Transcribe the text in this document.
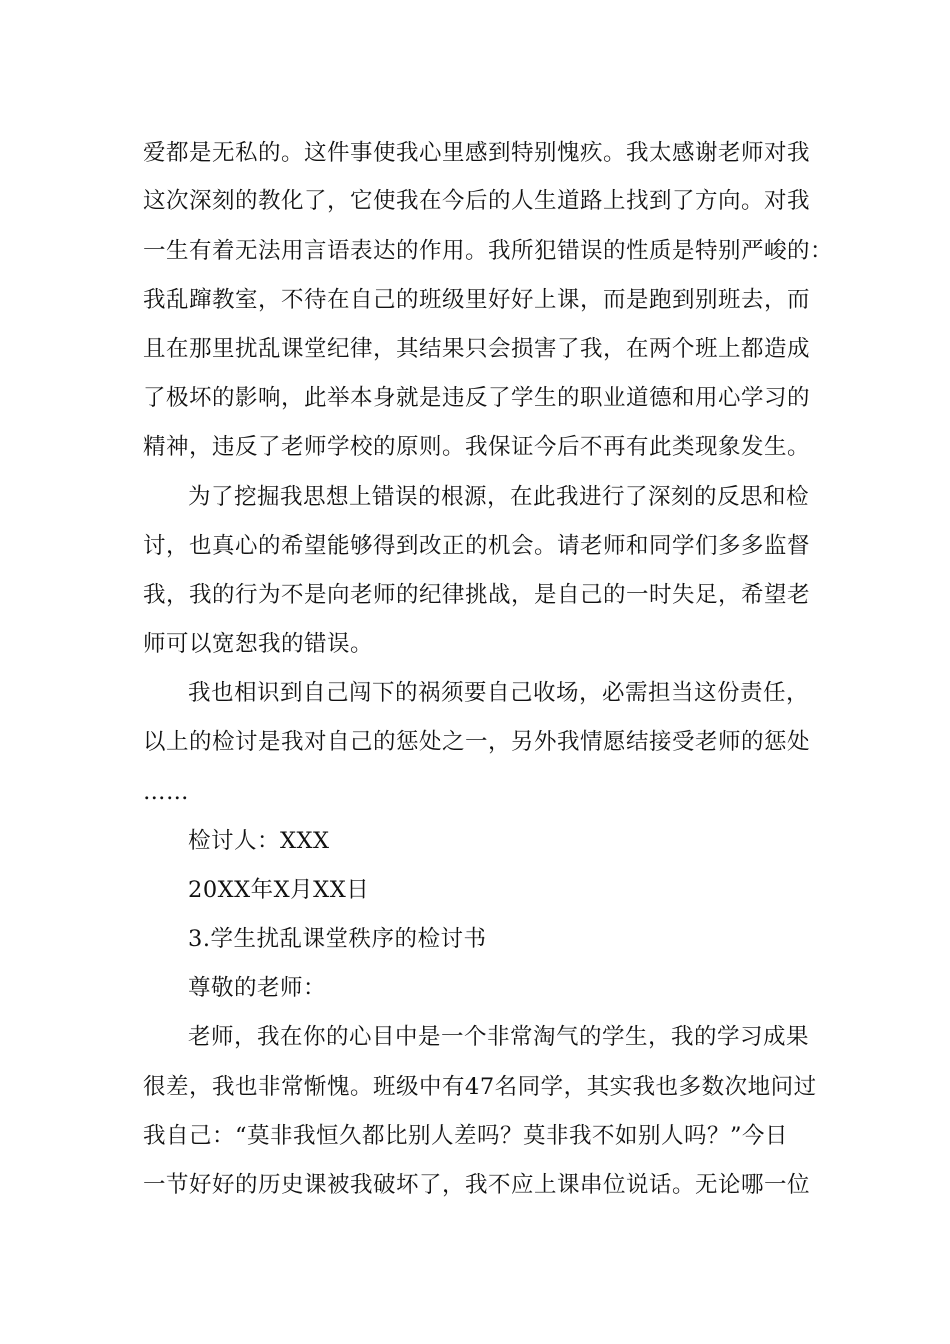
爱都是无私的。这件事使我心里感到特别愧疚。我太感谢老师对我
这次深刻的教化了，它使我在今后的人生道路上找到了方向。对我
一生有着无法用言语表达的作用。我所犯错误的性质是特别严峻的：
我乱蹿教室，不待在自己的班级里好好上课，而是跑到别班去，而
且在那里扰乱课堂纪律，其结果只会损害了我，在两个班上都造成
了极坏的影响，此举本身就是违反了学生的职业道德和用心学习的
精神，违反了老师学校的原则。我保证今后不再有此类现象发生。
为了挖掘我思想上错误的根源，在此我进行了深刻的反思和检
讨，也真心的希望能够得到改正的机会。请老师和同学们多多监督
我，我的行为不是向老师的纪律挑战，是自己的一时失足，希望老
师可以宽恕我的错误。
我也相识到自己闯下的祸须要自己收场，必需担当这份责任，
以上的检讨是我对自己的惩处之一，另外我情愿结接受老师的惩处
……
检讨人：XXX
20XX年X月XX日
3.学生扰乱课堂秩序的检讨书
尊敬的老师：
老师，我在你的心目中是一个非常淘气的学生，我的学习成果
很差，我也非常惭愧。班级中有47名同学，其实我也多数次地问过
我自己：“莫非我恒久都比别人差吗？莫非我不如别人吗？”今日
一节好好的历史课被我破坏了，我不应上课串位说话。无论哪一位
